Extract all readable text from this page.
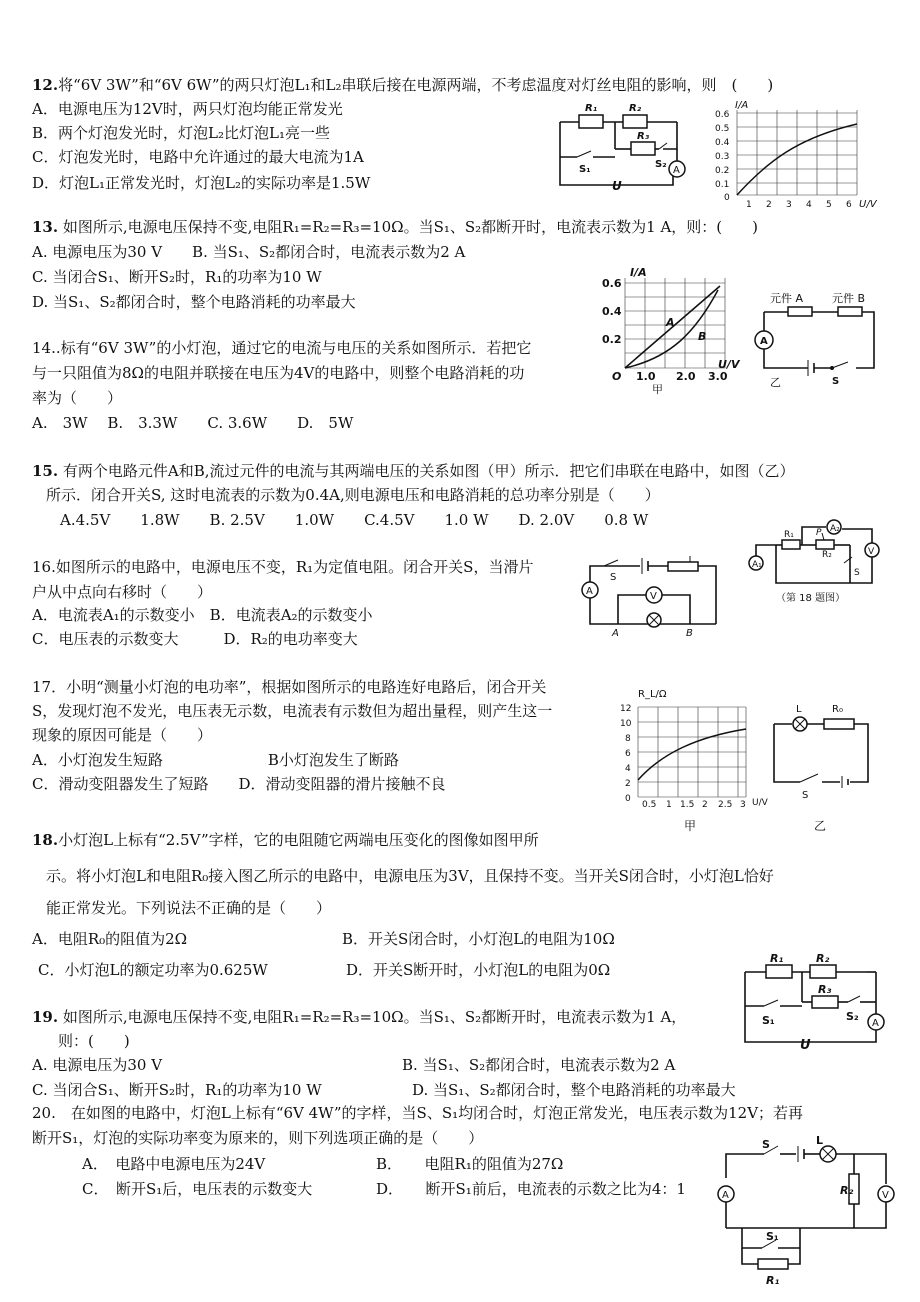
12.将“6V 3W”和“6V 6W”的两只灯泡L₁和L₂串联后接在电源两端，不考虑温度对灯丝电阻的影响，则　(　　)
A．电源电压为12V时，两只灯泡均能正常发光
B．两个灯泡发光时，灯泡L₂比灯泡L₁亮一些
C．灯泡发光时，电路中允许通过的最大电流为1A
D．灯泡L₁正常发光时，灯泡L₂的实际功率是1.5W
R₁	R₂
R₃
S₁	S₂
A
U
I/A
U/V
0.6
0.5
0.4
0.3
0.2
0.1
0
1 2 3 4 5 6
13. 如图所示,电源电压保持不变,电阻R₁=R₂=R₃=10Ω。当S₁、S₂都断开时，电流表示数为1 A，则：(　　)
A. 电源电压为30 V　　B. 当S₁、S₂都闭合时，电流表示数为2 A
C. 当闭合S₁、断开S₂时，R₁的功率为10 W
D. 当S₁、S₂都闭合时，整个电路消耗的功率最大
I/A
U/V
0.6
0.4
0.2
O 1.0 2.0 3.0
A
B
甲
元件 A	元件 B
A
S
乙
14..标有“6V 3W”的小灯泡，通过它的电流与电压的关系如图所示．若把它
与一只阻值为8Ω的电阻并联接在电压为4V的电路中，则整个电路消耗的功
率为（　　）
A.　3W　 B.　3.3W　　C. 3.6W　　D.　5W
15. 有两个电路元件A和B,流过元件的电流与其两端电压的关系如图（甲）所示．把它们串联在电路中，如图（乙）
所示．闭合开关S, 这时电流表的示数为0.4A,则电源电压和电路消耗的总功率分别是（　　）
A.4.5V　　1.8W　　B. 2.5V　　1.0W　　C.4.5V　　1.0 W　　D. 2.0V　　0.8 W	A₂
A₁
R₁
R₂
P
V
S
（第 18 题图）
16.如图所示的电路中，电源电压不变，R₁为定值电阻。闭合开关S，当滑片
户从中点向右移时（　　）
A．电流表A₁的示数变小　B．电流表A₂的示数变小
C．电压表的示数变大　　　D．R₂的电功率变大
S
A	V
A	B
17．小明“测量小灯泡的电功率”，根据如图所示的电路连好电路后，闭合开关
S，发现灯泡不发光，电压表无示数，电流表有示数但为超出量程，则产生这一
现象的原因可能是（　　）
A．小灯泡发生短路　　　　　　　B小灯泡发生了断路
C．滑动变阻器发生了短路　　D．滑动变阻器的滑片接触不良
R_L/Ω
U/V
12
10
8
6
4
2
0
0.5 1 1.5 2 2.5 3
甲
L	R₀
S
乙
18.小灯泡L上标有“2.5V”字样，它的电阻随它两端电压变化的图像如图甲所
示。将小灯泡L和电阻R₀接入图乙所示的电路中，电源电压为3V，且保持不变。当开关S闭合时，小灯泡L恰好
能正常发光。下列说法不正确的是（　　）
A．电阻R₀的阻值为2Ω	B．开关S闭合时，小灯泡L的电阻为10Ω
C．小灯泡L的额定功率为0.625W	D．开关S断开时，小灯泡L的电阻为0Ω
R₁	R₂
R₃
S₁	S₂
A
U
19. 如图所示,电源电压保持不变,电阻R₁=R₂=R₃=10Ω。当S₁、S₂都断开时，电流表示数为1 A，
则：(　　)
A. 电源电压为30 V	B. 当S₁、S₂都闭合时，电流表示数为2 A
C. 当闭合S₁、断开S₂时，R₁的功率为10 W	D. 当S₁、S₂都闭合时，整个电路消耗的功率最大
20.　在如图的电路中，灯泡L上标有“6V 4W”的字样，当S、S₁均闭合时，灯泡正常发光，电压表示数为12V；若再
断开S₁，灯泡的实际功率变为原来的，则下列选项正确的是（　　）
A．　电路中电源电压为24V	B．　　电阻R₁的阻值为27Ω
C．　断开S₁后，电压表的示数变大	D．　　断开S₁前后，电流表的示数之比为4：1
S	L
R₂
A	V
S₁
R₁
